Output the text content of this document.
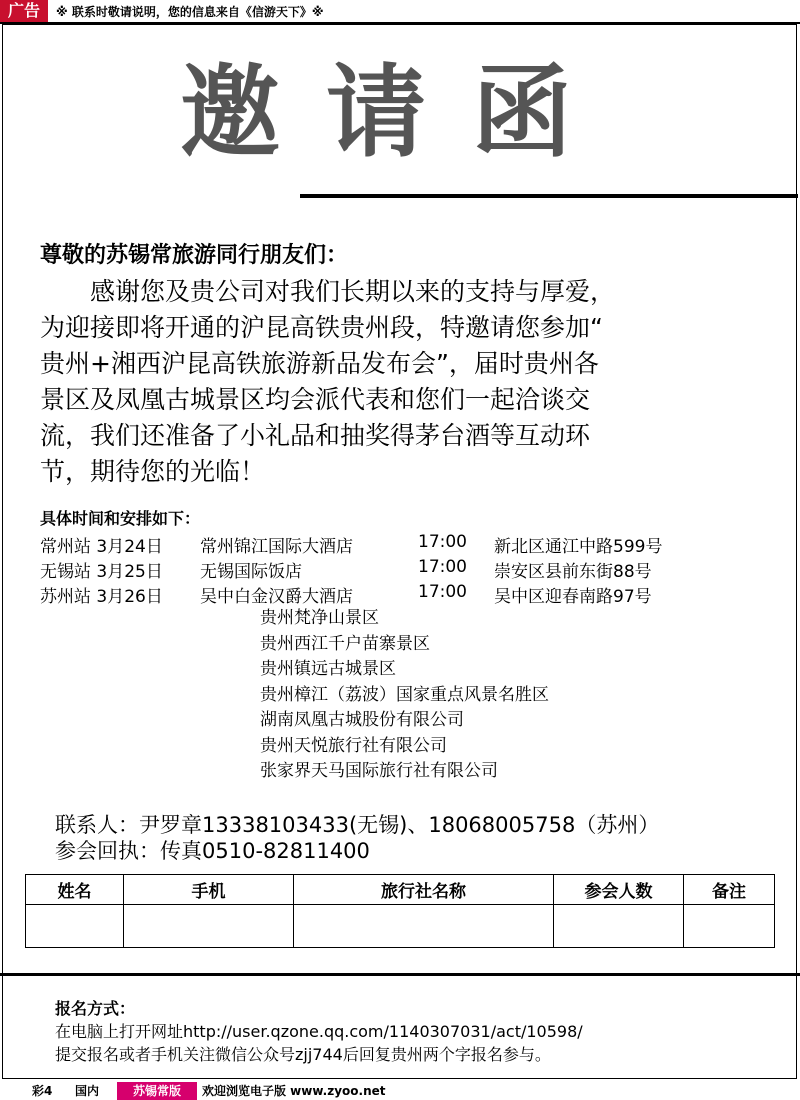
广告	※ 联系时敬请说明，您的信息来自《信游天下》※
邀请函
尊敬的苏锡常旅游同行朋友们：
　　感谢您及贵公司对我们长期以来的支持与厚爱，
为迎接即将开通的沪昆高铁贵州段，特邀请您参加“
贵州+湘西沪昆高铁旅游新品发布会”，届时贵州各
景区及凤凰古城景区均会派代表和您们一起洽谈交
流，我们还准备了小礼品和抽奖得茅台酒等互动环
节，期待您的光临！
具体时间和安排如下：
常州站 3月24日 常州锦江国际大酒店	17:00 新北区通江中路599号
无锡站 3月25日 无锡国际饭店	17:00 崇安区县前东街88号
苏州站 3月26日 吴中白金汉爵大酒店	17:00 吴中区迎春南路97号
贵州梵净山景区
贵州西江千户苗寨景区
贵州镇远古城景区
贵州樟江（荔波）国家重点风景名胜区
湖南凤凰古城股份有限公司
贵州天悦旅行社有限公司
张家界天马国际旅行社有限公司
联系人：尹罗章13338103433(无锡)、18068005758（苏州）
参会回执：传真0510-82811400
姓名	手机	旅行社名称	参会人数	备注

报名方式：
在电脑上打开网址http://user.qzone.qq.com/1140307031/act/10598/
提交报名或者手机关注微信公众号zjj744后回复贵州两个字报名参与。
彩4 国内	苏锡常版	欢迎浏览电子版 www.zyoo.net
